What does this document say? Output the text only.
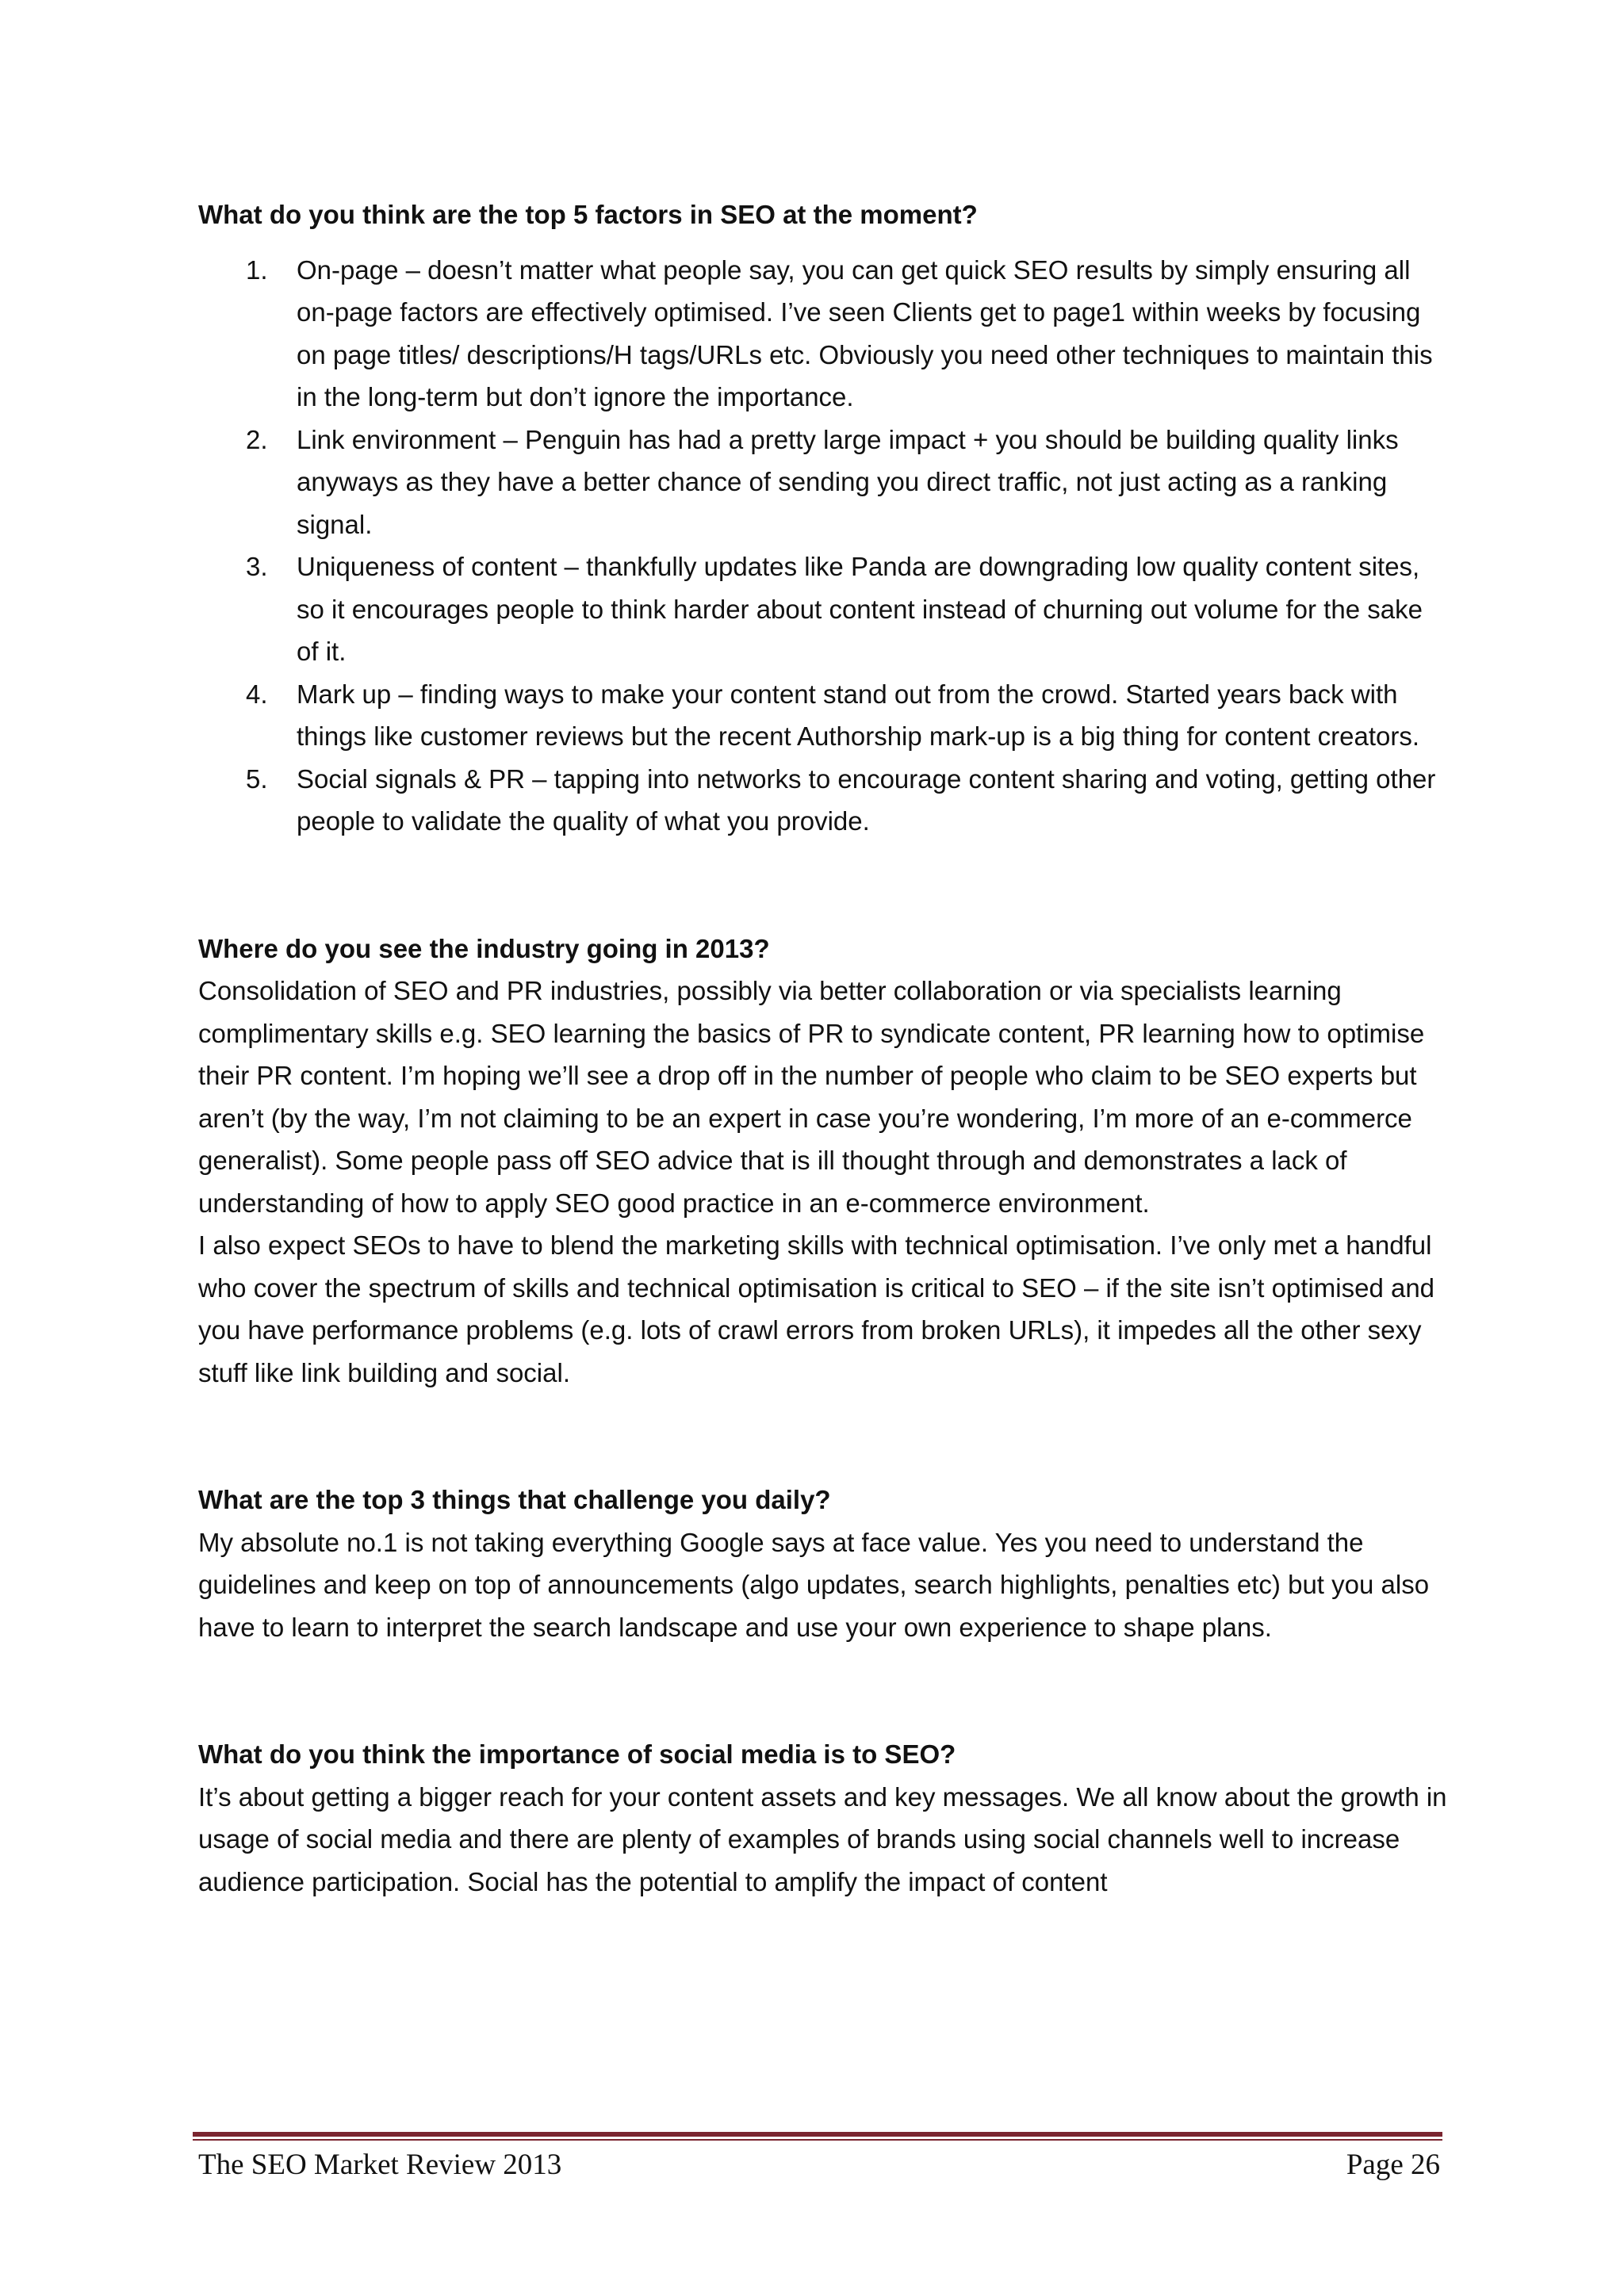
What do you think are the top 5 factors in SEO at the moment?

1. On-page – doesn’t matter what people say, you can get quick SEO results by simply ensuring all on-page factors are effectively optimised. I’ve seen Clients get to page1 within weeks by focusing on page titles/ descriptions/H tags/URLs etc. Obviously you need other techniques to maintain this in the long-term but don’t ignore the importance.
2. Link environment – Penguin has had a pretty large impact + you should be building quality links anyways as they have a better chance of sending you direct traffic, not just acting as a ranking signal.
3. Uniqueness of content – thankfully updates like Panda are downgrading low quality content sites, so it encourages people to think harder about content instead of churning out volume for the sake of it.
4. Mark up – finding ways to make your content stand out from the crowd. Started years back with things like customer reviews but the recent Authorship mark-up is a big thing for content creators.
5. Social signals & PR – tapping into networks to encourage content sharing and voting, getting other people to validate the quality of what you provide.

Where do you see the industry going in 2013?

Consolidation of SEO and PR industries, possibly via better collaboration or via specialists learning complimentary skills e.g. SEO learning the basics of PR to syndicate content, PR learning how to optimise their PR content. I’m hoping we’ll see a drop off in the number of people who claim to be SEO experts but aren’t (by the way, I’m not claiming to be an expert in case you’re wondering, I’m more of an e-commerce generalist). Some people pass off SEO advice that is ill thought through and demonstrates a lack of understanding of how to apply SEO good practice in an e-commerce environment.

I also expect SEOs to have to blend the marketing skills with technical optimisation. I’ve only met a handful who cover the spectrum of skills and technical optimisation is critical to SEO – if the site isn’t optimised and you have performance problems (e.g. lots of crawl errors from broken URLs), it impedes all the other sexy stuff like link building and social.

What are the top 3 things that challenge you daily?

My absolute no.1 is not taking everything Google says at face value. Yes you need to understand the guidelines and keep on top of announcements (algo updates, search highlights, penalties etc) but you also have to learn to interpret the search landscape and use your own experience to shape plans.

What do you think the importance of social media is to SEO?

It’s about getting a bigger reach for your content assets and key messages. We all know about the growth in usage of social media and there are plenty of examples of brands using social channels well to increase audience participation. Social has the potential to amplify the impact of content

The SEO Market Review 2013	Page 26
